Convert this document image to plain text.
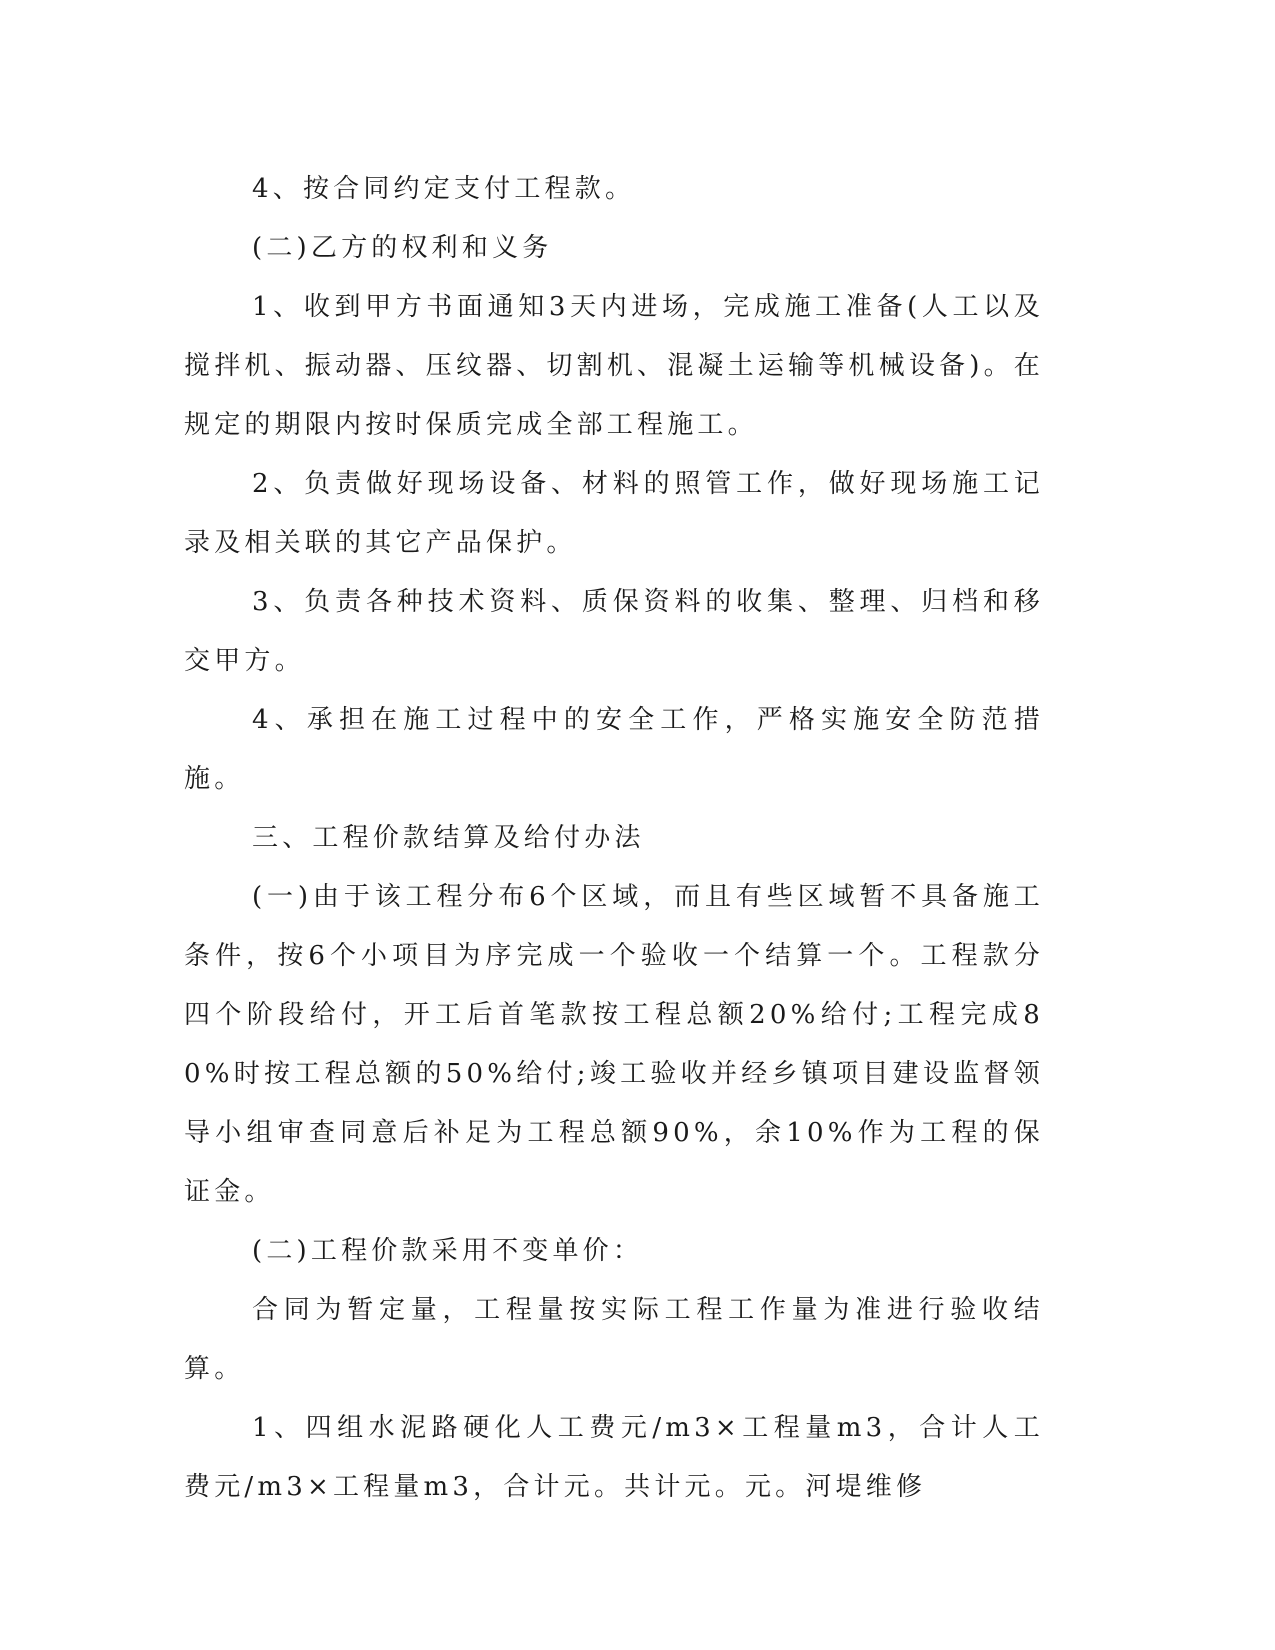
4、按合同约定支付工程款。

(二)乙方的权利和义务

1、收到甲方书面通知3天内进场，完成施工准备(人工以及搅拌机、振动器、压纹器、切割机、混凝土运输等机械设备)。在规定的期限内按时保质完成全部工程施工。

2、负责做好现场设备、材料的照管工作，做好现场施工记录及相关联的其它产品保护。

3、负责各种技术资料、质保资料的收集、整理、归档和移交甲方。

4、承担在施工过程中的安全工作，严格实施安全防范措施。

三、工程价款结算及给付办法

(一)由于该工程分布6个区域，而且有些区域暂不具备施工条件，按6个小项目为序完成一个验收一个结算一个。工程款分四个阶段给付，开工后首笔款按工程总额20%给付;工程完成80%时按工程总额的50%给付;竣工验收并经乡镇项目建设监督领导小组审查同意后补足为工程总额90%，余10%作为工程的保证金。

(二)工程价款采用不变单价：

合同为暂定量，工程量按实际工程工作量为准进行验收结算。

1、四组水泥路硬化人工费元/m3×工程量m3，合计人工费元/m3×工程量m3，合计元。共计元。元。河堤维修
